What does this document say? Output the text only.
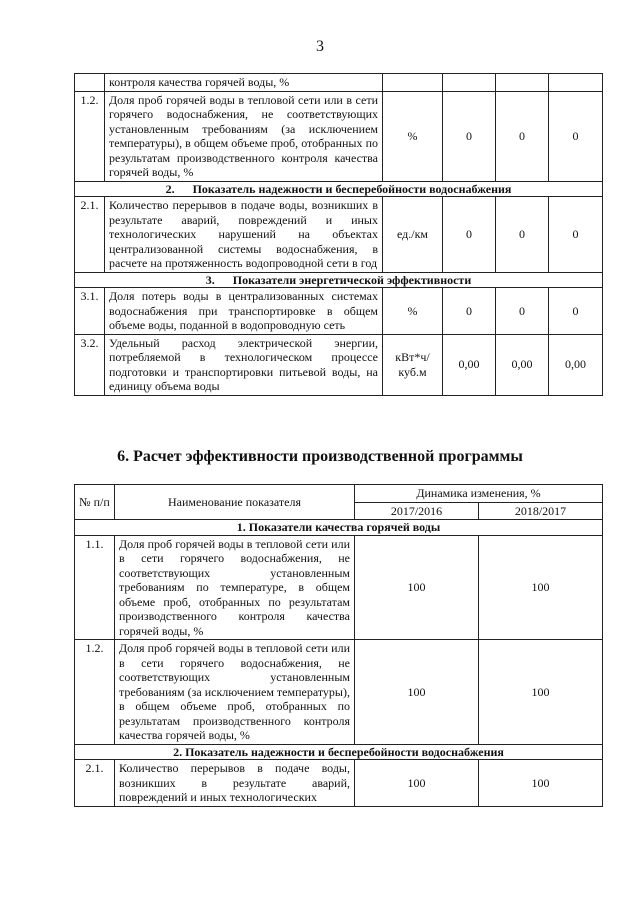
3
	контроля качества горячей воды, %				
1.2.	Доля проб горячей воды в тепловой сети или в сети горячего водоснабжения, не соответствующих установленным требованиям (за исключением температуры), в общем объеме проб, отобранных по результатам производственного контроля качества горячей воды, %	%	0	0	0
2.      Показатель надежности и бесперебойности водоснабжения					
2.1.	Количество перерывов в подаче воды, возникших в результате аварий, повреждений и иных технологических нарушений на объектах централизованной системы водоснабжения, в расчете на протяженность водопроводной сети в год	ед./км	0	0	0
3.      Показатели энергетической эффективности					
3.1.	Доля потерь воды в централизованных системах водоснабжения при транспортировке в общем объеме воды, поданной в водопроводную сеть	%	0	0	0
3.2.	Удельный расход электрической энергии, потребляемой в технологическом процессе подготовки и транспортировки питьевой воды, на единицу объема воды	кВт*ч/ куб.м	0,00	0,00	0,00
6. Расчет эффективности производственной программы
№ п/п	Наименование показателя	Динамика изменения, %	
		2017/2016	2018/2017
1. Показатели качества горячей воды			
1.1.	Доля проб горячей воды в тепловой сети или в сети горячего водоснабжения, не соответствующих установленным требованиям по температуре, в общем объеме проб, отобранных по результатам производственного контроля качества горячей воды, %	100	100
1.2.	Доля проб горячей воды в тепловой сети или в сети горячего водоснабжения, не соответствующих установленным требованиям (за исключением температуры), в общем объеме проб, отобранных по результатам производственного контроля качества горячей воды, %	100	100
2. Показатель надежности и бесперебойности водоснабжения			
2.1.	Количество перерывов в подаче воды, возникших в результате аварий, повреждений и иных технологических	100	100
